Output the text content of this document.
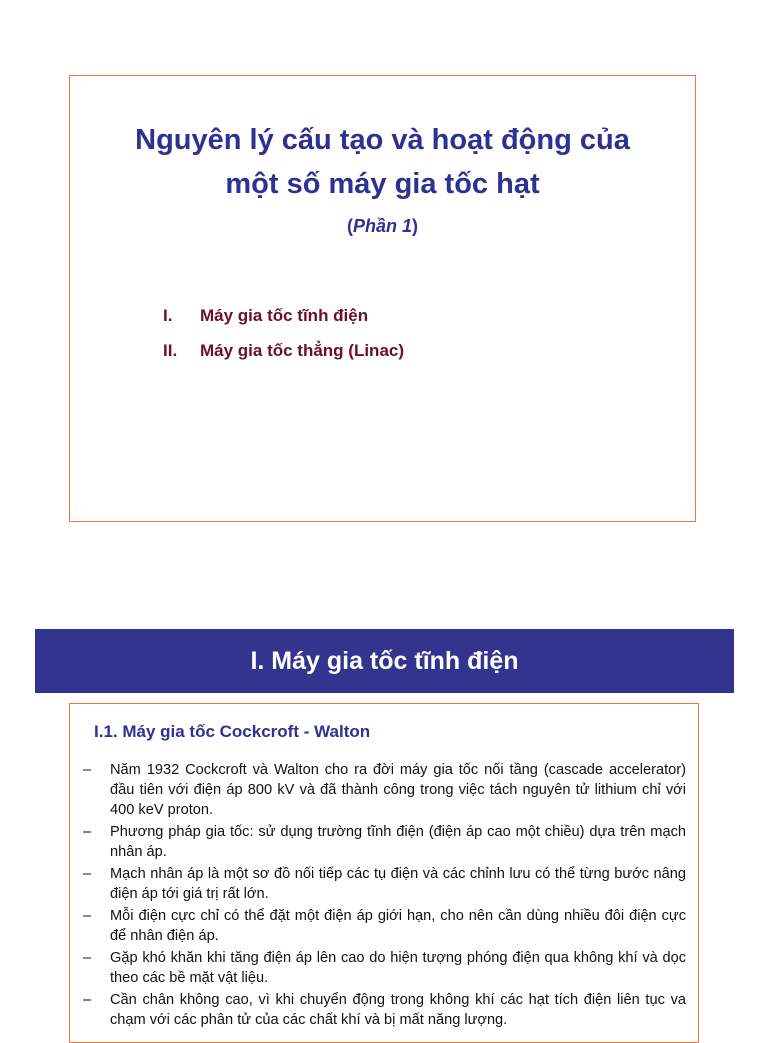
Nguyên lý cấu tạo và hoạt động của
một số máy gia tốc hạt
(Phần 1)
I.	Máy gia tốc tĩnh điện
II.	Máy gia tốc thẳng (Linac)
I. Máy gia tốc tĩnh điện
I.1. Máy gia tốc Cockcroft - Walton
– Năm 1932 Cockcroft và Walton cho ra đời máy gia tốc nối tầng (cascade accelerator) đầu tiên với điện áp 800 kV và đã thành công trong việc tách nguyên tử lithium chỉ với 400 keV proton.
– Phương pháp gia tốc: sử dụng trường tĩnh điện (điện áp cao một chiều) dựa trên mạch nhân áp.
– Mạch nhân áp là một sơ đồ nối tiếp các tụ điện và các chỉnh lưu có thể từng bước nâng điện áp tới giá trị rất lớn.
– Mỗi điện cực chỉ có thể đặt một điện áp giới hạn, cho nên cần dùng nhiều đôi điện cực để nhân điện áp.
– Gặp khó khăn khi tăng điện áp lên cao do hiện tượng phóng điện qua không khí và dọc theo các bề mặt vật liệu.
– Cần chân không cao, vì khi chuyển động trong không khí các hạt tích điện liên tục va chạm với các phân tử của các chất khí và bị mất năng lượng.
